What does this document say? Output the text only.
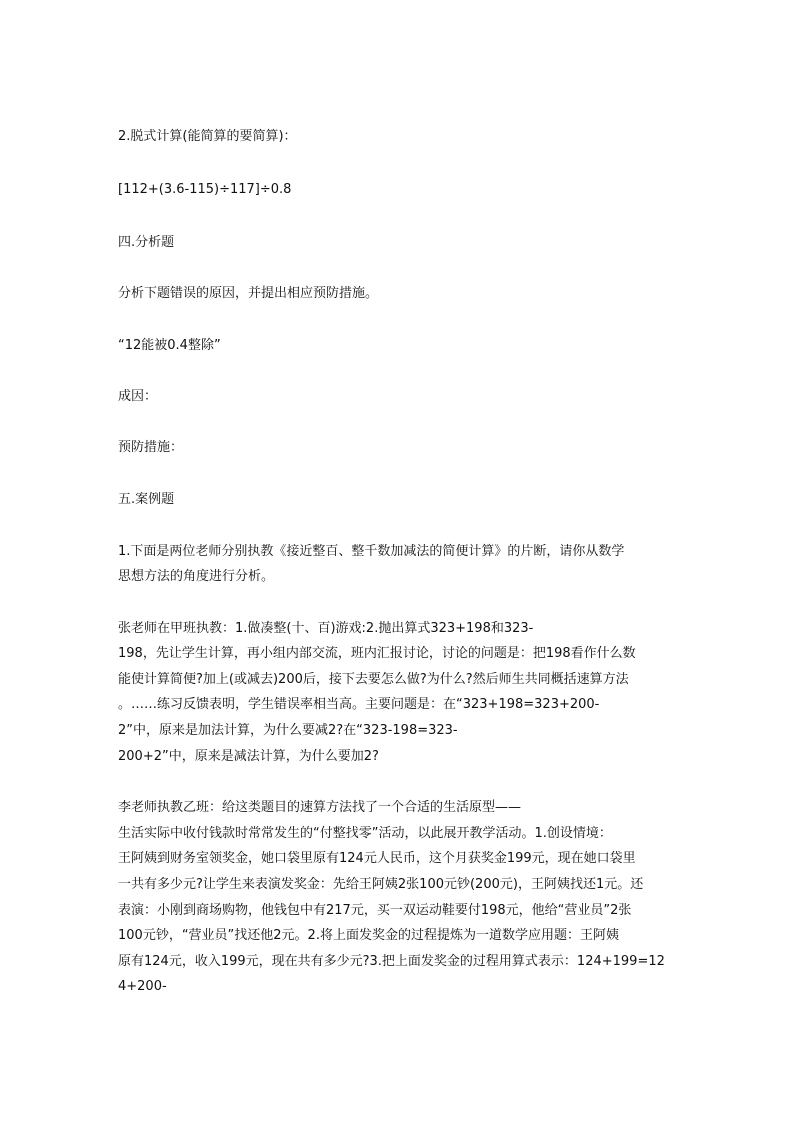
2.脱式计算(能简算的要简算)：
[112+(3.6-115)÷117]÷0.8
四.分析题
分析下题错误的原因，并提出相应预防措施。
“12能被0.4整除”
成因：
预防措施：
五.案例题
1.下面是两位老师分别执教《接近整百、整千数加减法的简便计算》的片断，请你从数学
思想方法的角度进行分析。
张老师在甲班执教：1.做凑整(十、百)游戏:2.抛出算式323+198和323-
198，先让学生计算，再小组内部交流，班内汇报讨论，讨论的问题是：把198看作什么数
能使计算简便?加上(或减去)200后，接下去要怎么做?为什么?然后师生共同概括速算方法
。……练习反馈表明，学生错误率相当高。主要问题是：在“323+198=323+200-
2”中，原来是加法计算，为什么要减2?在“323-198=323-
200+2”中，原来是减法计算，为什么要加2?
李老师执教乙班：给这类题目的速算方法找了一个合适的生活原型——
生活实际中收付钱款时常常发生的“付整找零”活动，以此展开教学活动。1.创设情境：
王阿姨到财务室领奖金，她口袋里原有124元人民币，这个月获奖金199元，现在她口袋里
一共有多少元?让学生来表演发奖金：先给王阿姨2张100元钞(200元)，王阿姨找还1元。还
表演：小刚到商场购物，他钱包中有217元，买一双运动鞋要付198元，他给“营业员”2张
100元钞，“营业员”找还他2元。2.将上面发奖金的过程提炼为一道数学应用题：王阿姨
原有124元，收入199元，现在共有多少元?3.把上面发奖金的过程用算式表示：124+199=12
4+200-
